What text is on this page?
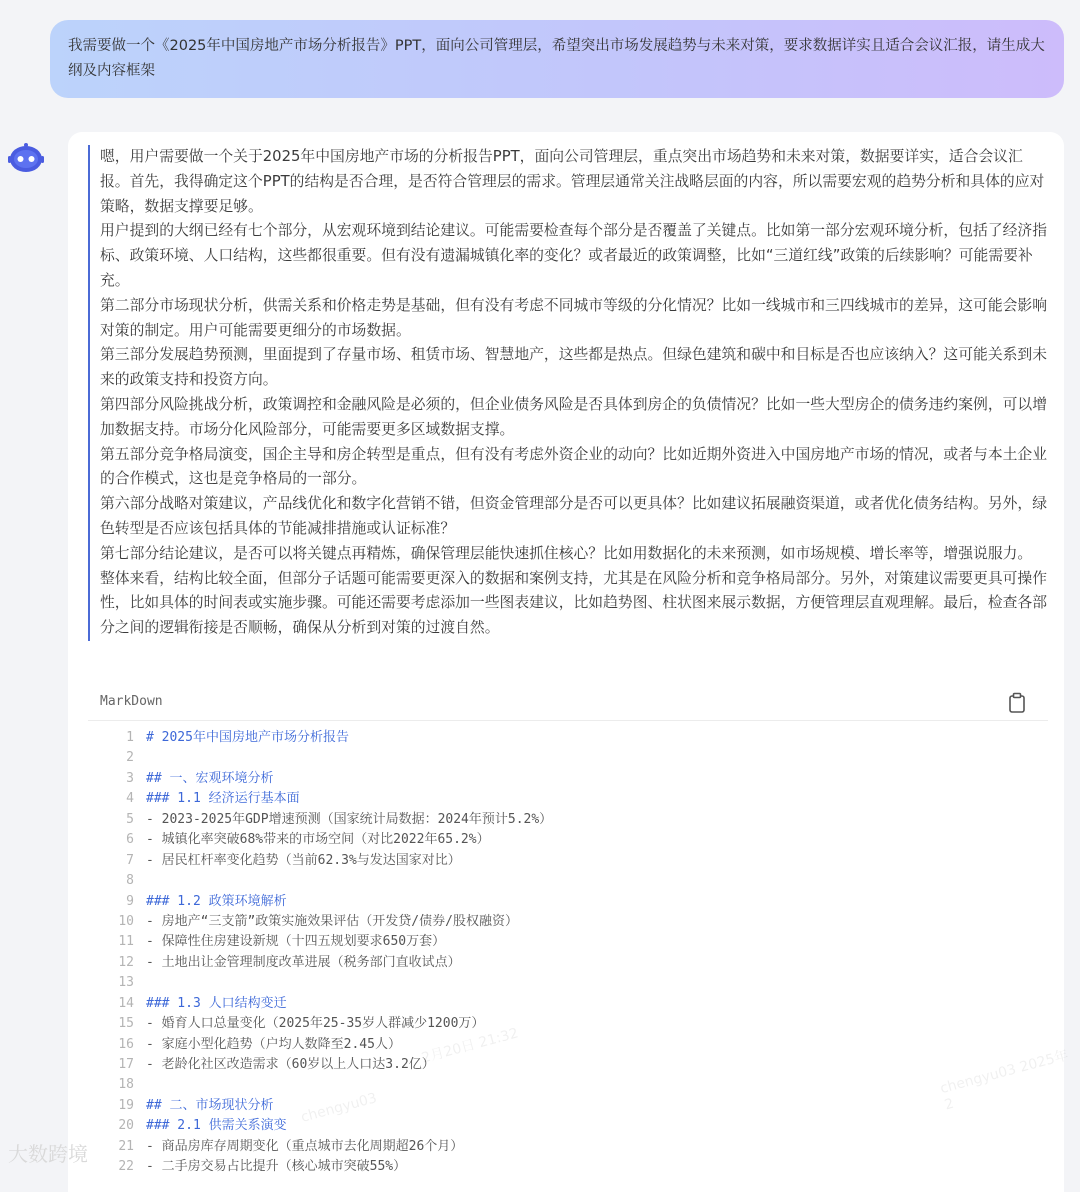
我需要做一个《2025年中国房地产市场分析报告》PPT，面向公司管理层，希望突出市场发展趋势与未来对策，要求数据详实且适合会议汇报，请生成大纲及内容框架

嗯，用户需要做一个关于2025年中国房地产市场的分析报告PPT，面向公司管理层，重点突出市场趋势和未来对策，数据要详实，适合会议汇报。首先，我得确定这个PPT的结构是否合理，是否符合管理层的需求。管理层通常关注战略层面的内容，所以需要宏观的趋势分析和具体的应对策略，数据支撑要足够。

用户提到的大纲已经有七个部分，从宏观环境到结论建议。可能需要检查每个部分是否覆盖了关键点。比如第一部分宏观环境分析，包括了经济指标、政策环境、人口结构，这些都很重要。但有没有遗漏城镇化率的变化？或者最近的政策调整，比如“三道红线”政策的后续影响？可能需要补充。

第二部分市场现状分析，供需关系和价格走势是基础，但有没有考虑不同城市等级的分化情况？比如一线城市和三四线城市的差异，这可能会影响对策的制定。用户可能需要更细分的市场数据。

第三部分发展趋势预测，里面提到了存量市场、租赁市场、智慧地产，这些都是热点。但绿色建筑和碳中和目标是否也应该纳入？这可能关系到未来的政策支持和投资方向。

第四部分风险挑战分析，政策调控和金融风险是必须的，但企业债务风险是否具体到房企的负债情况？比如一些大型房企的债务违约案例，可以增加数据支持。市场分化风险部分，可能需要更多区域数据支撑。

第五部分竞争格局演变，国企主导和房企转型是重点，但有没有考虑外资企业的动向？比如近期外资进入中国房地产市场的情况，或者与本土企业的合作模式，这也是竞争格局的一部分。

第六部分战略对策建议，产品线优化和数字化营销不错，但资金管理部分是否可以更具体？比如建议拓展融资渠道，或者优化债务结构。另外，绿色转型是否应该包括具体的节能减排措施或认证标准？

第七部分结论建议，是否可以将关键点再精炼，确保管理层能快速抓住核心？比如用数据化的未来预测，如市场规模、增长率等，增强说服力。

整体来看，结构比较全面，但部分子话题可能需要更深入的数据和案例支持，尤其是在风险分析和竞争格局部分。另外，对策建议需要更具可操作性，比如具体的时间表或实施步骤。可能还需要考虑添加一些图表建议，比如趋势图、柱状图来展示数据，方便管理层直观理解。最后，检查各部分之间的逻辑衔接是否顺畅，确保从分析到对策的过渡自然。

MarkDown
1 # 2025年中国房地产市场分析报告
2
3 ## 一、宏观环境分析
4 ### 1.1 经济运行基本面
5 - 2023-2025年GDP增速预测（国家统计局数据：2024年预计5.2%）
6 - 城镇化率突破68%带来的市场空间（对比2022年65.2%）
7 - 居民杠杆率变化趋势（当前62.3%与发达国家对比）
8
9 ### 1.2 政策环境解析
10 - 房地产“三支箭”政策实施效果评估（开发贷/债券/股权融资）
11 - 保障性住房建设新规（十四五规划要求650万套）
12 - 土地出让金管理制度改革进展（税务部门直收试点）
13
14 ### 1.3 人口结构变迁
15 - 婚育人口总量变化（2025年25-35岁人群减少1200万）
16 - 家庭小型化趋势（户均人数降至2.45人）
17 - 老龄化社区改造需求（60岁以上人口达3.2亿）
18
19 ## 二、市场现状分析
20 ### 2.1 供需关系演变
21 - 商品房库存周期变化（重点城市去化周期超26个月）
22 - 二手房交易占比提升（核心城市突破55%）
chengyu03
2月20日 21:32
chengyu03 2025年2
大数跨境
